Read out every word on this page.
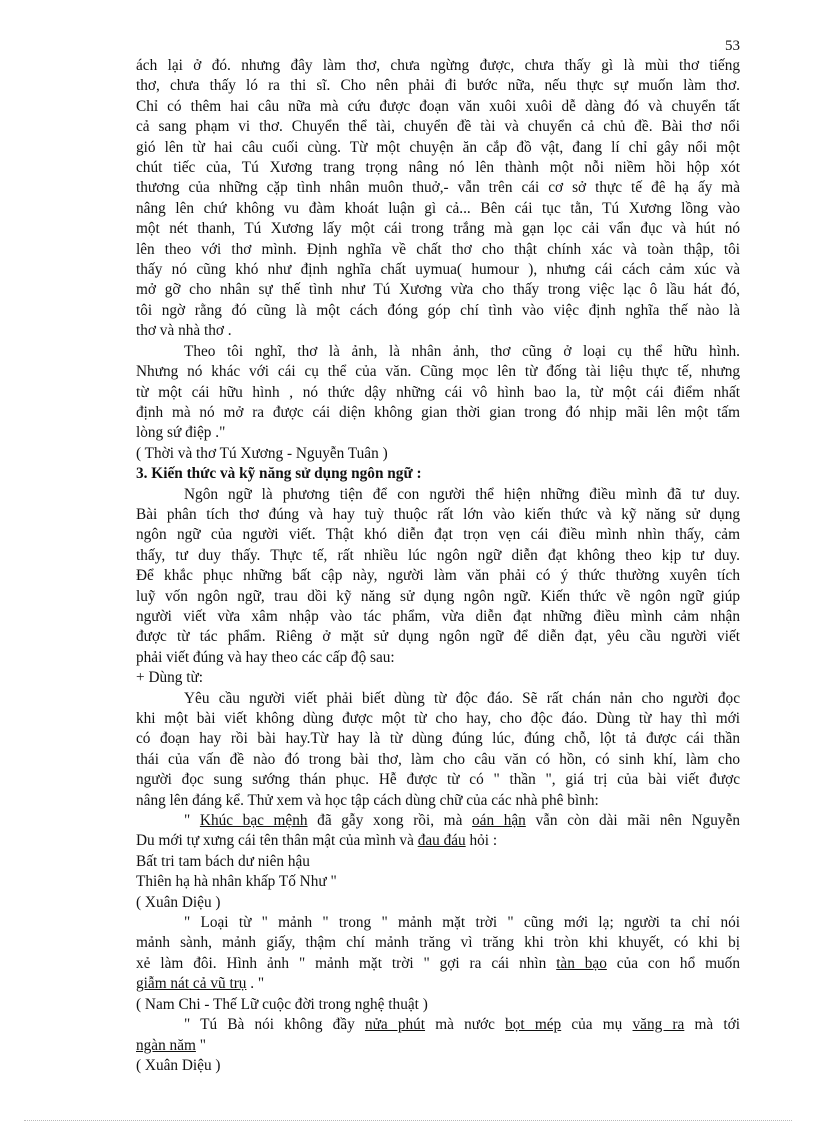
53

ách lại ở đó. nhưng đây làm thơ, chưa ngừng được, chưa thấy gì là mùi thơ tiếng

thơ, chưa thấy ló ra thi sĩ. Cho nên phải đi bước nữa, nếu thực sự muốn làm thơ.

Chỉ có thêm hai câu nữa mà cứu được đoạn văn xuôi xuôi dễ dàng đó và chuyển tất

cả sang phạm vi thơ. Chuyển thể tài, chuyển đề tài và chuyển cả chủ đề. Bài thơ nổi

gió lên từ hai câu cuối cùng. Từ một chuyện ăn cắp đồ vật, đang lí chỉ gây nổi một

chút tiếc của, Tú Xương trang trọng nâng nó lên thành một nỗi niềm hồi hộp xót

thương của những cặp tình nhân muôn thuở,- vẫn trên cái cơ sở thực tế đê hạ ấy mà

nâng lên chứ không vu đàm khoát luận gì cả... Bên cái tục tằn, Tú Xương lồng vào

một nét thanh, Tú Xương lấy một cái trong trắng mà gạn lọc cải vẩn đục và hút nó

lên theo với thơ mình. Định nghĩa về chất thơ cho thật chính xác và toàn thập, tôi

thấy nó cũng khó như định nghĩa chất uymua( humour ), nhưng cái cách cảm xúc và

mở gỡ cho nhân sự thế tình như Tú Xương vừa cho thấy trong việc lạc ô lầu hát đó,

tôi ngờ rằng đó cũng là một cách đóng góp chí tình vào việc định nghĩa thế nào là

thơ và nhà thơ .

Theo tôi nghĩ, thơ là ảnh, là nhân ảnh, thơ cũng ở loại cụ thể hữu hình.

Nhưng nó khác với cái cụ thể của văn. Cũng mọc lên từ đống tài liệu thực tế, nhưng

từ một cái hữu hình , nó thức dậy những cái vô hình bao la, từ một cái điểm nhất

định mà nó mở ra được cái diện không gian thời gian trong đó nhịp mãi lên một tấm

lòng sứ điệp ."

( Thời và thơ Tú Xương - Nguyễn Tuân )

3. Kiến thức và kỹ năng sử dụng ngôn ngữ :

Ngôn ngữ là phương tiện để con người thể hiện những điều mình đã tư duy.

Bài phân tích thơ đúng và hay tuỳ thuộc rất lớn vào kiến thức và kỹ năng sử dụng

ngôn ngữ của người viết. Thật khó diễn đạt trọn vẹn cái điều mình nhìn thấy, cảm

thấy, tư duy thấy. Thực tế, rất nhiều lúc ngôn ngữ diễn đạt không theo kịp tư duy.

Để khắc phục những bất cập này, người làm văn phải có ý thức thường xuyên tích

luỹ vốn ngôn ngữ, trau dồi kỹ năng sử dụng ngôn ngữ. Kiến thức về ngôn ngữ giúp

người viết vừa xâm nhập vào tác phẩm, vừa diễn đạt những điều mình cảm nhận

được từ tác phẩm. Riêng ở mặt sử dụng ngôn ngữ để diễn đạt, yêu cầu người viết

phải viết đúng và hay theo các cấp độ sau:

+ Dùng từ:

Yêu cầu người viết phải biết dùng từ độc đáo. Sẽ rất chán nản cho người đọc

khi một bài viết không dùng được một từ cho hay, cho độc đáo. Dùng từ hay thì mới

có đoạn hay rồi bài hay.Từ hay là từ dùng đúng lúc, đúng chỗ, lột tả được cái thần

thái của vấn đề nào đó trong bài thơ, làm cho câu văn có hồn, có sinh khí, làm cho

người đọc sung sướng thán phục. Hễ được từ có " thần ", giá trị của bài viết được

nâng lên đáng kể. Thử xem và học tập cách dùng chữ của các nhà phê bình:

" Khúc bạc mệnh đã gẫy xong rồi, mà oán hận vẫn còn dài mãi nên Nguyễn

Du mới tự xưng cái tên thân mật của mình và đau đáu hỏi :

Bất tri tam bách dư niên hậu

Thiên hạ hà nhân khấp Tố Như "

( Xuân Diệu )

" Loại từ " mảnh " trong " mảnh mặt trời " cũng mới lạ; người ta chỉ nói

mảnh sành, mảnh giấy, thậm chí mảnh trăng vì trăng khi tròn khi khuyết, có khi bị

xẻ làm đôi. Hình ảnh " mảnh mặt trời " gợi ra cái nhìn tàn bạo của con hổ muốn

giẫm nát cả vũ trụ . "

( Nam Chi - Thế Lữ cuộc đời trong nghệ thuật )

" Tú Bà nói không đầy nửa phút mà nước bọt mép của mụ văng ra mà tới

ngàn năm "

( Xuân Diệu )
